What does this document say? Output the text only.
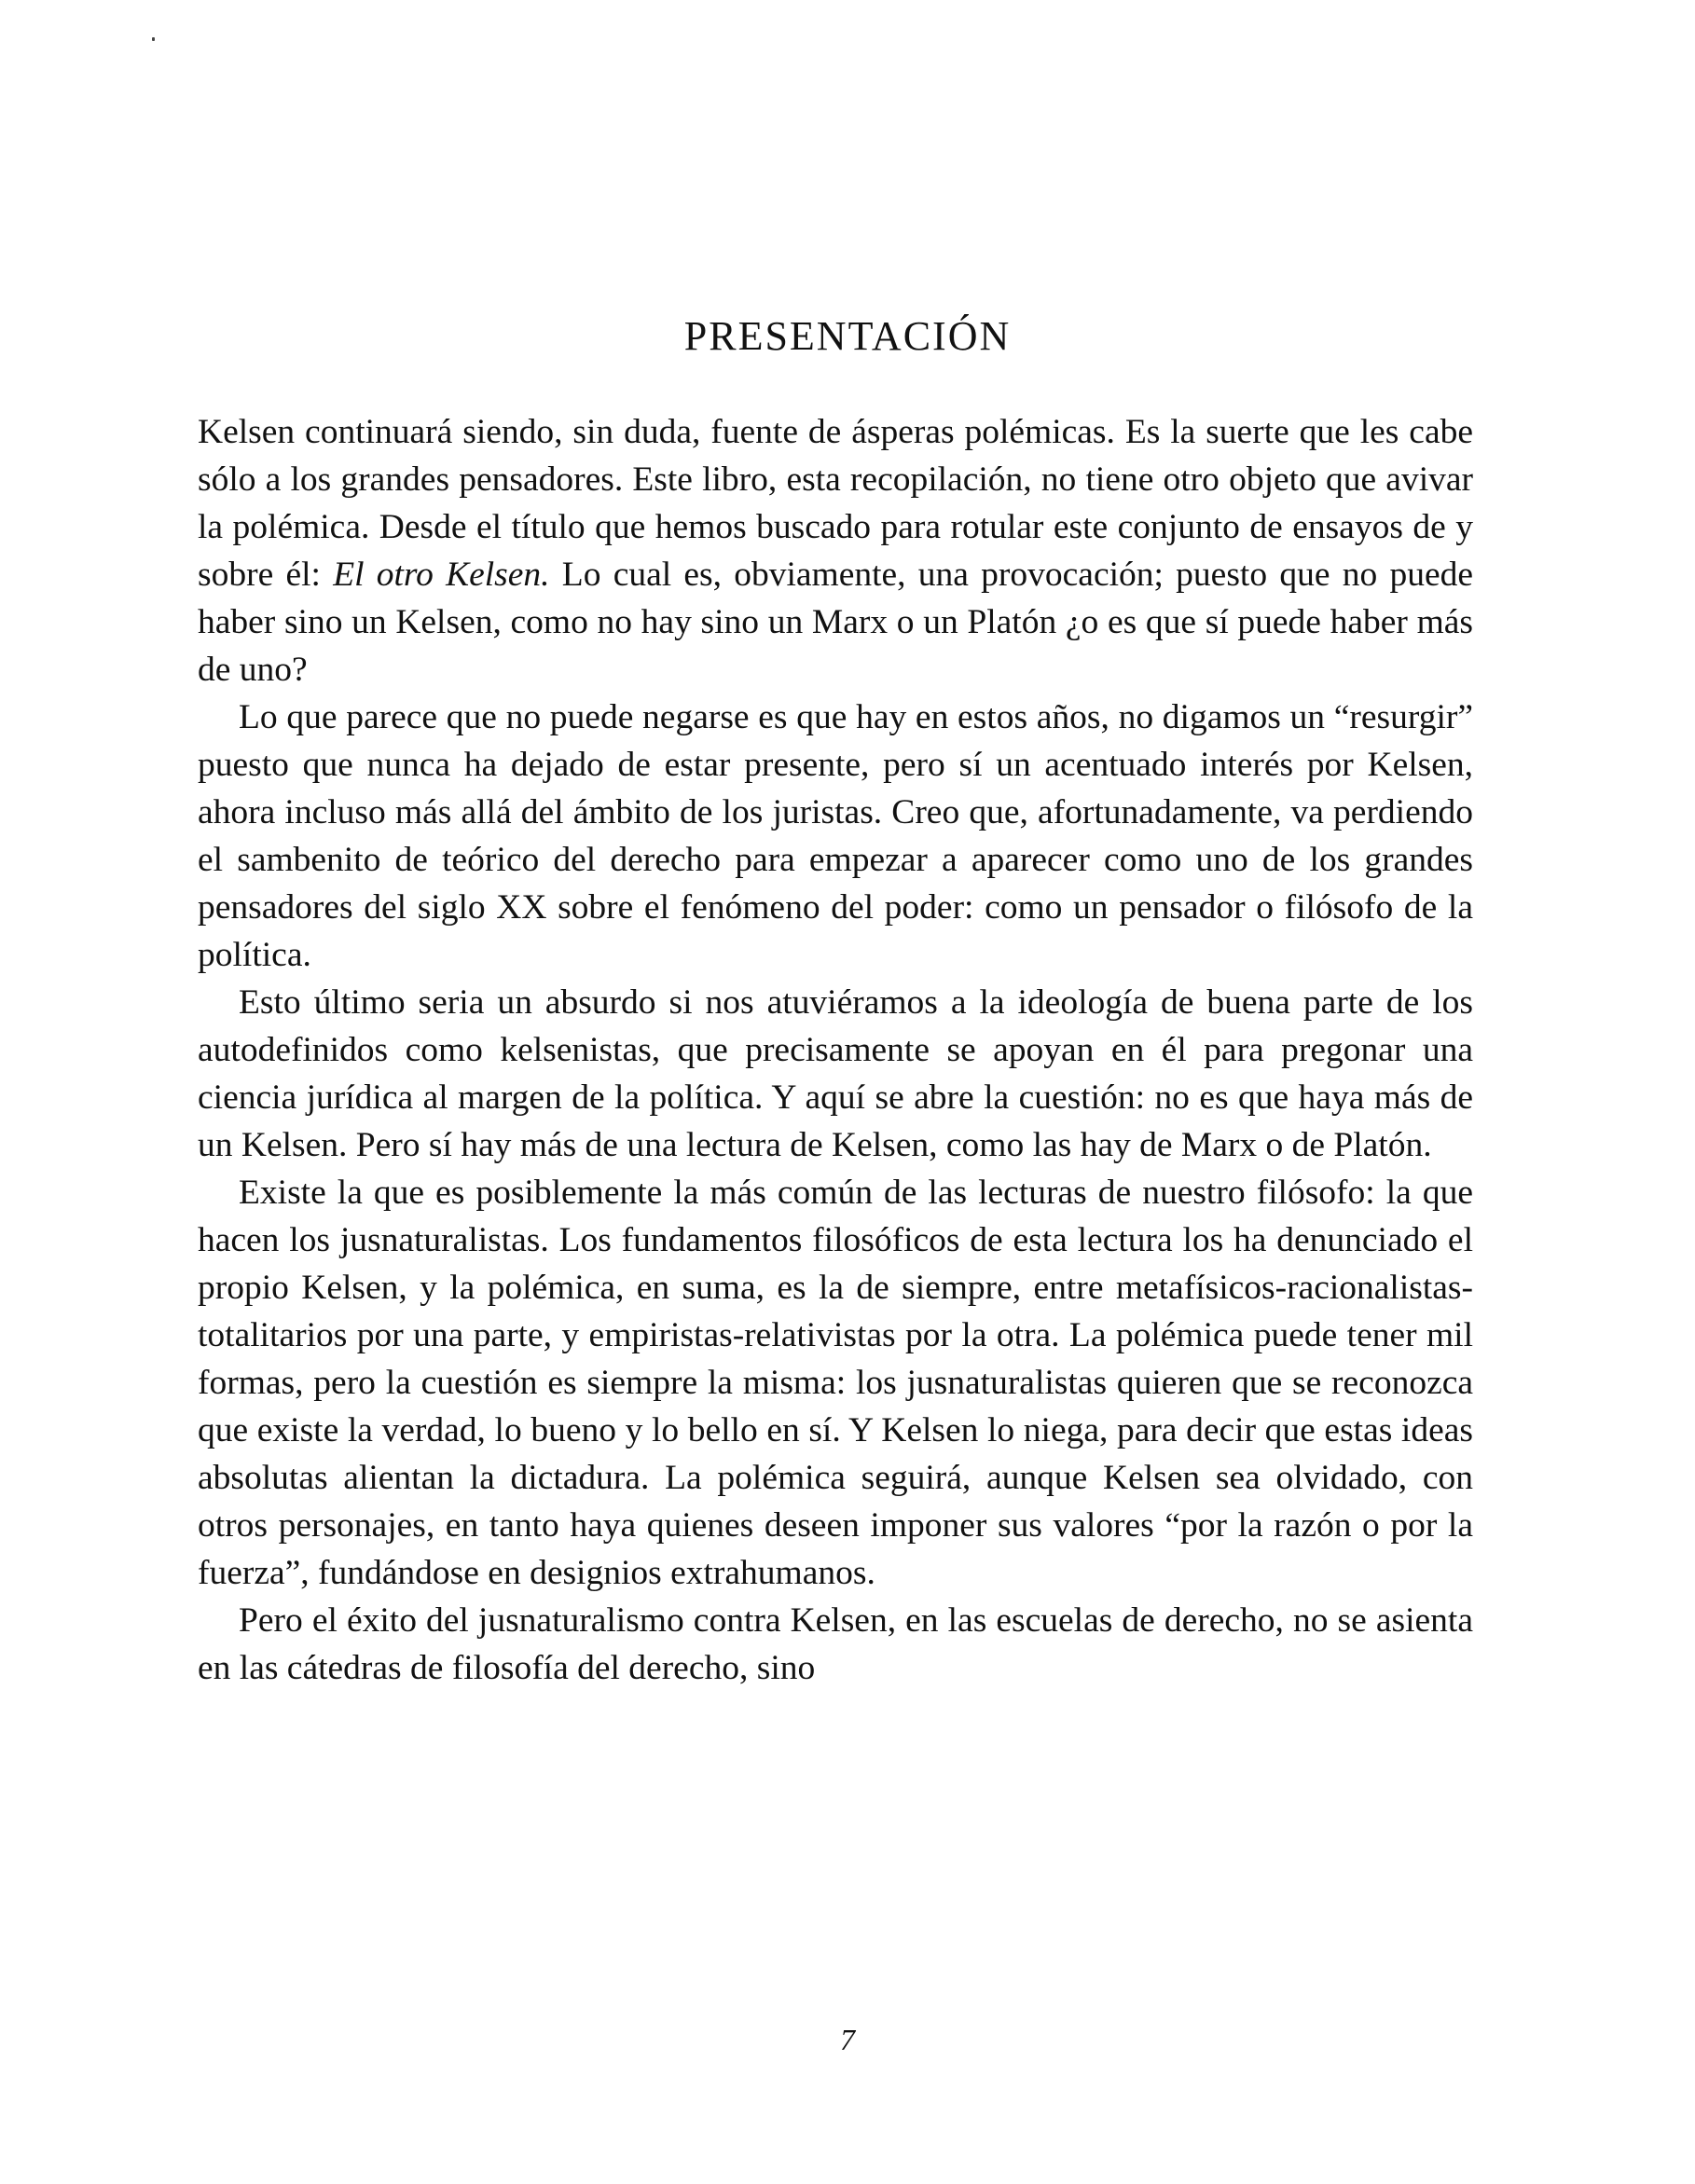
PRESENTACIÓN

Kelsen continuará siendo, sin duda, fuente de ásperas polémicas. Es la suerte que les cabe sólo a los grandes pensadores. Este libro, esta recopilación, no tiene otro objeto que avivar la polémica. Desde el título que hemos buscado para rotular este conjunto de ensayos de y sobre él: El otro Kelsen. Lo cual es, obviamente, una provocación; puesto que no puede haber sino un Kelsen, como no hay sino un Marx o un Platón ¿o es que sí puede haber más de uno?

Lo que parece que no puede negarse es que hay en estos años, no digamos un “resurgir” puesto que nunca ha dejado de estar presente, pero sí un acentuado interés por Kelsen, ahora incluso más allá del ámbito de los juristas. Creo que, afortunadamente, va perdiendo el sambenito de teórico del derecho para empezar a aparecer como uno de los grandes pensadores del siglo XX sobre el fenómeno del poder: como un pensador o filósofo de la política.

Esto último seria un absurdo si nos atuviéramos a la ideología de buena parte de los autodefinidos como kelsenistas, que precisamente se apoyan en él para pregonar una ciencia jurídica al margen de la política. Y aquí se abre la cuestión: no es que haya más de un Kelsen. Pero sí hay más de una lectura de Kelsen, como las hay de Marx o de Platón.

Existe la que es posiblemente la más común de las lecturas de nuestro filósofo: la que hacen los jusnaturalistas. Los fundamentos filosóficos de esta lectura los ha denunciado el propio Kelsen, y la polémica, en suma, es la de siempre, entre metafísicos-racionalistas-totalitarios por una parte, y empiristas-relativistas por la otra. La polémica puede tener mil formas, pero la cuestión es siempre la misma: los jusnaturalistas quieren que se reconozca que existe la verdad, lo bueno y lo bello en sí. Y Kelsen lo niega, para decir que estas ideas absolutas alientan la dictadura. La polémica seguirá, aunque Kelsen sea olvidado, con otros personajes, en tanto haya quienes deseen imponer sus valores “por la razón o por la fuerza”, fundándose en designios extrahumanos.

Pero el éxito del jusnaturalismo contra Kelsen, en las escuelas de derecho, no se asienta en las cátedras de filosofía del derecho, sino

7
